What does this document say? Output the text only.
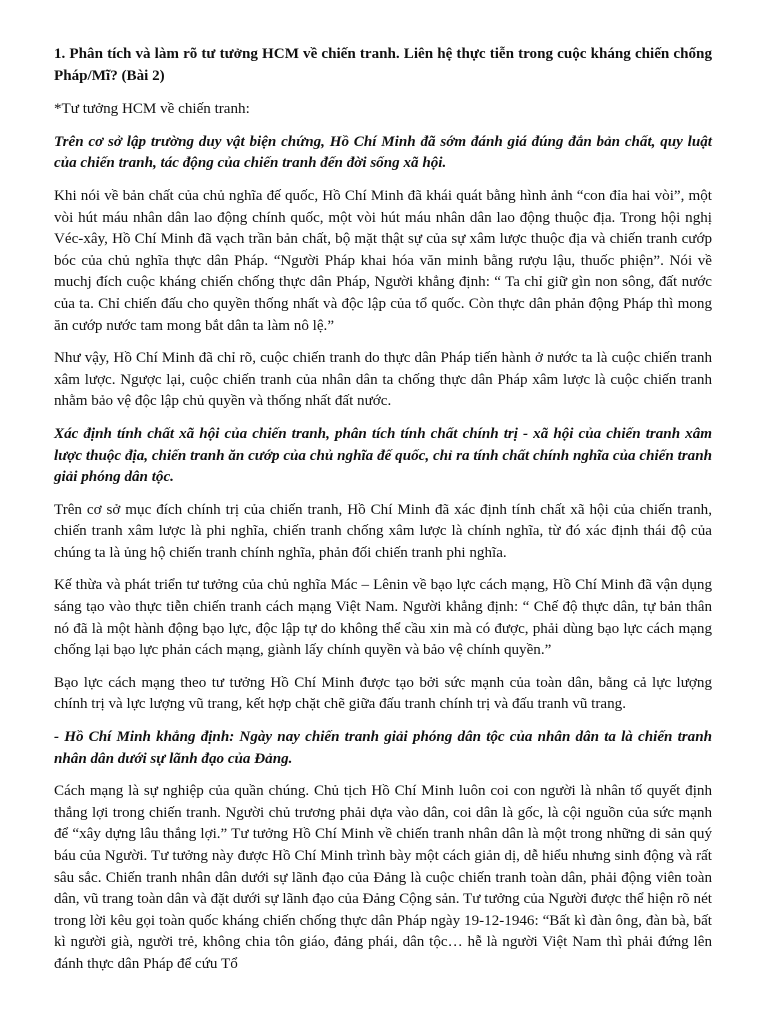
1. Phân tích và làm rõ tư tưởng HCM về chiến tranh. Liên hệ thực tiễn trong cuộc kháng chiến chống Pháp/Mĩ? (Bài 2)

*Tư tưởng HCM về chiến tranh:

Trên cơ sở lập trường duy vật biện chứng, Hồ Chí Minh đã sớm đánh giá đúng đắn bản chất, quy luật của chiến tranh, tác động của chiến tranh đến đời sống xã hội.

Khi nói về bản chất của chủ nghĩa đế quốc, Hồ Chí Minh đã khái quát bằng hình ảnh “con đỉa hai vòi”, một vòi hút máu nhân dân lao động chính quốc, một vòi hút máu nhân dân lao động thuộc địa. Trong hội nghị Véc-xây, Hồ Chí Minh đã vạch trần bản chất, bộ mặt thật sự của sự xâm lược thuộc địa và chiến tranh cướp bóc của chủ nghĩa thực dân Pháp. “Người Pháp khai hóa văn minh bằng rượu lậu, thuốc phiện”. Nói về muchj đích cuộc kháng chiến chống thực dân Pháp, Người khẳng định: “ Ta chỉ giữ gìn non sông, đất nước của ta. Chỉ chiến đấu cho quyền thống nhất và độc lập của tổ quốc. Còn thực dân phản động Pháp thì mong ăn cướp nước tam mong bắt dân ta làm nô lệ.”

Như vậy, Hồ Chí Minh đã chỉ rõ, cuộc chiến tranh do thực dân Pháp tiến hành ở nước ta là cuộc chiến tranh xâm lược. Ngược lại, cuộc chiến tranh của nhân dân ta chống thực dân Pháp xâm lược là cuộc chiến tranh nhằm bảo vệ độc lập chủ quyền và thống nhất đất nước.

Xác định tính chất xã hội của chiến tranh, phân tích tính chất chính trị - xã hội của chiến tranh xâm lược thuộc địa, chiến tranh ăn cướp của chủ nghĩa đế quốc, chỉ ra tính chất chính nghĩa của chiến tranh giải phóng dân tộc.

Trên cơ sở mục đích chính trị của chiến tranh, Hồ Chí Minh đã xác định tính chất xã hội của chiến tranh, chiến tranh xâm lược là phi nghĩa, chiến tranh chống xâm lược là chính nghĩa, từ đó xác định thái độ của chúng ta là ủng hộ chiến tranh chính nghĩa, phản đối chiến tranh phi nghĩa.

Kế thừa và phát triển tư tưởng của chủ nghĩa Mác – Lênin về bạo lực cách mạng, Hồ Chí Minh đã vận dụng sáng tạo vào thực tiễn chiến tranh cách mạng Việt Nam. Người khẳng định: “ Chế độ thực dân, tự bản thân nó đã là một hành động bạo lực, độc lập tự do không thể cầu xin mà có được, phải dùng bạo lực cách mạng chống lại bạo lực phản cách mạng, giành lấy chính quyền và bảo vệ chính quyền.”

Bạo lực cách mạng theo tư tưởng Hồ Chí Minh được tạo bởi sức mạnh của toàn dân, bằng cả lực lượng chính trị và lực lượng vũ trang, kết hợp chặt chẽ giữa đấu tranh chính trị và đấu tranh vũ trang.

- Hồ Chí Minh khẳng định: Ngày nay chiến tranh giải phóng dân tộc của nhân dân ta là chiến tranh nhân dân dưới sự lãnh đạo của Đảng.

Cách mạng là sự nghiệp của quần chúng. Chủ tịch Hồ Chí Minh luôn coi con người là nhân tố quyết định thắng lợi trong chiến tranh. Người chủ trương phải dựa vào dân, coi dân là gốc, là cội nguồn của sức mạnh để “xây dựng lâu thắng lợi.” Tư tưởng Hồ Chí Minh về chiến tranh nhân dân là một trong những di sản quý báu của Người. Tư tưởng này được Hồ Chí Minh trình bày một cách giản dị, dễ hiểu nhưng sinh động và rất sâu sắc. Chiến tranh nhân dân dưới sự lãnh đạo của Đảng là cuộc chiến tranh toàn dân, phải động viên toàn dân, vũ trang toàn dân và đặt dưới sự lãnh đạo của Đảng Cộng sản. Tư tưởng của Người được thể hiện rõ nét trong lời kêu gọi toàn quốc kháng chiến chống thực dân Pháp ngày 19-12-1946: “Bất kì đàn ông, đàn bà, bất kì người già, người trẻ, không chia tôn giáo, đảng phái, dân tộc… hễ là người Việt Nam thì phải đứng lên đánh thực dân Pháp để cứu Tổ
